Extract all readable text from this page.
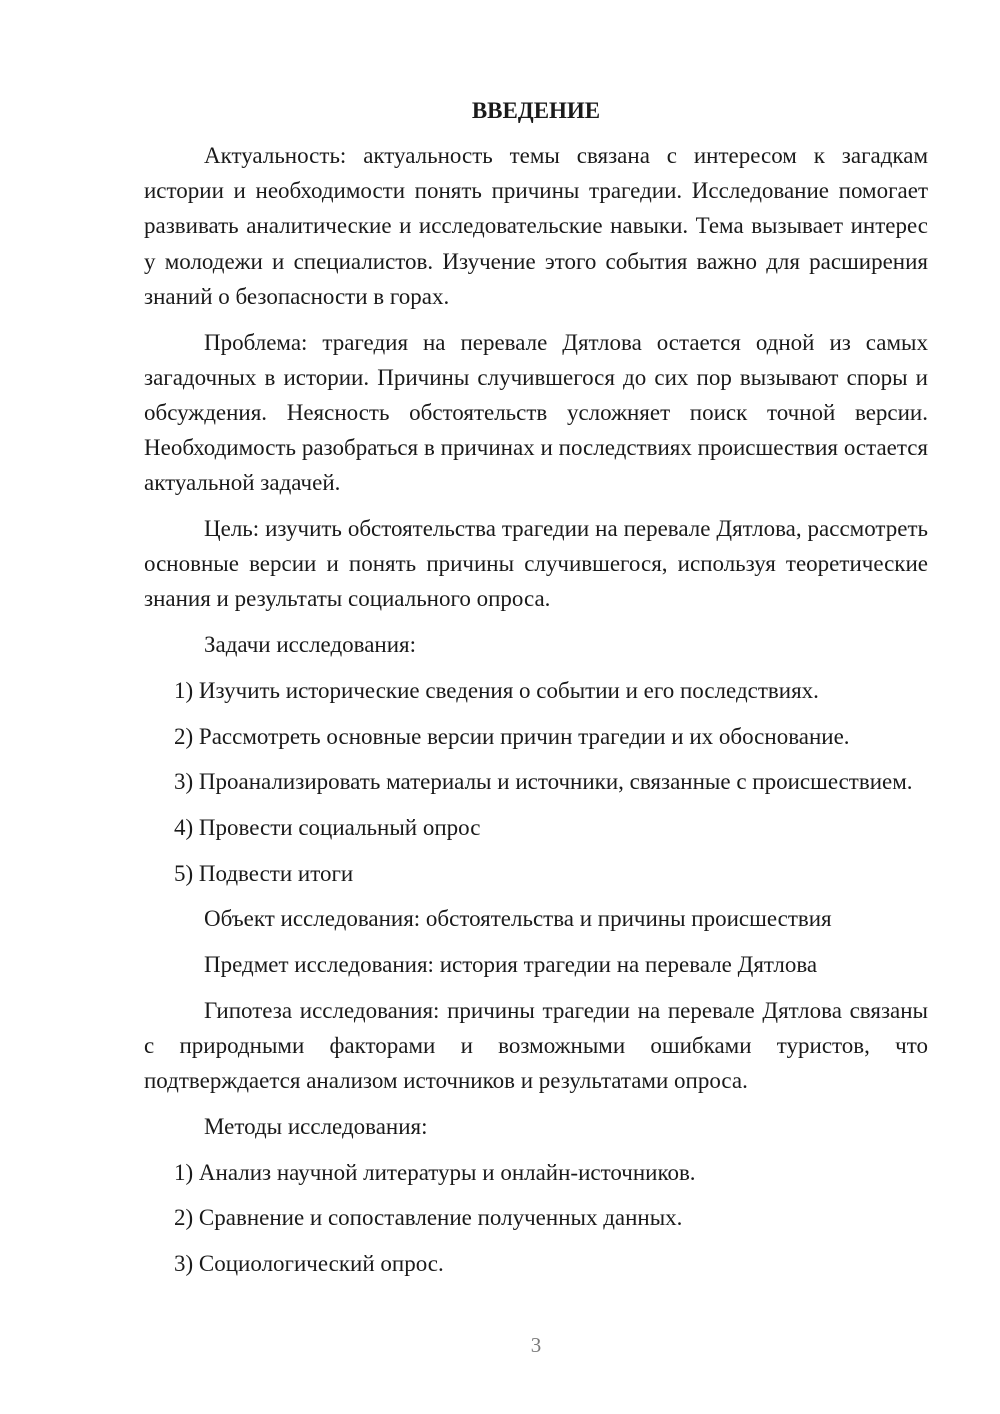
ВВЕДЕНИЕ

Актуальность: актуальность темы связана с интересом к загадкам истории и необходимости понять причины трагедии. Исследование помогает развивать аналитические и исследовательские навыки. Тема вызывает интерес у молодежи и специалистов. Изучение этого события важно для расширения знаний о безопасности в горах.

Проблема: трагедия на перевале Дятлова остается одной из самых загадочных в истории. Причины случившегося до сих пор вызывают споры и обсуждения. Неясность обстоятельств усложняет поиск точной версии. Необходимость разобраться в причинах и последствиях происшествия остается актуальной задачей.

Цель: изучить обстоятельства трагедии на перевале Дятлова, рассмотреть основные версии и понять причины случившегося, используя теоретические знания и результаты социального опроса.

Задачи исследования:

1) Изучить исторические сведения о событии и его последствиях.

2) Рассмотреть основные версии причин трагедии и их обоснование.

3) Проанализировать материалы и источники, связанные с происшествием.

4) Провести социальный опрос

5) Подвести итоги

Объект исследования: обстоятельства и причины происшествия

Предмет исследования: история трагедии на перевале Дятлова

Гипотеза исследования: причины трагедии на перевале Дятлова связаны с природными факторами и возможными ошибками туристов, что подтверждается анализом источников и результатами опроса.

Методы исследования:

1) Анализ научной литературы и онлайн-источников.

2) Сравнение и сопоставление полученных данных.

3) Социологический опрос.

3
